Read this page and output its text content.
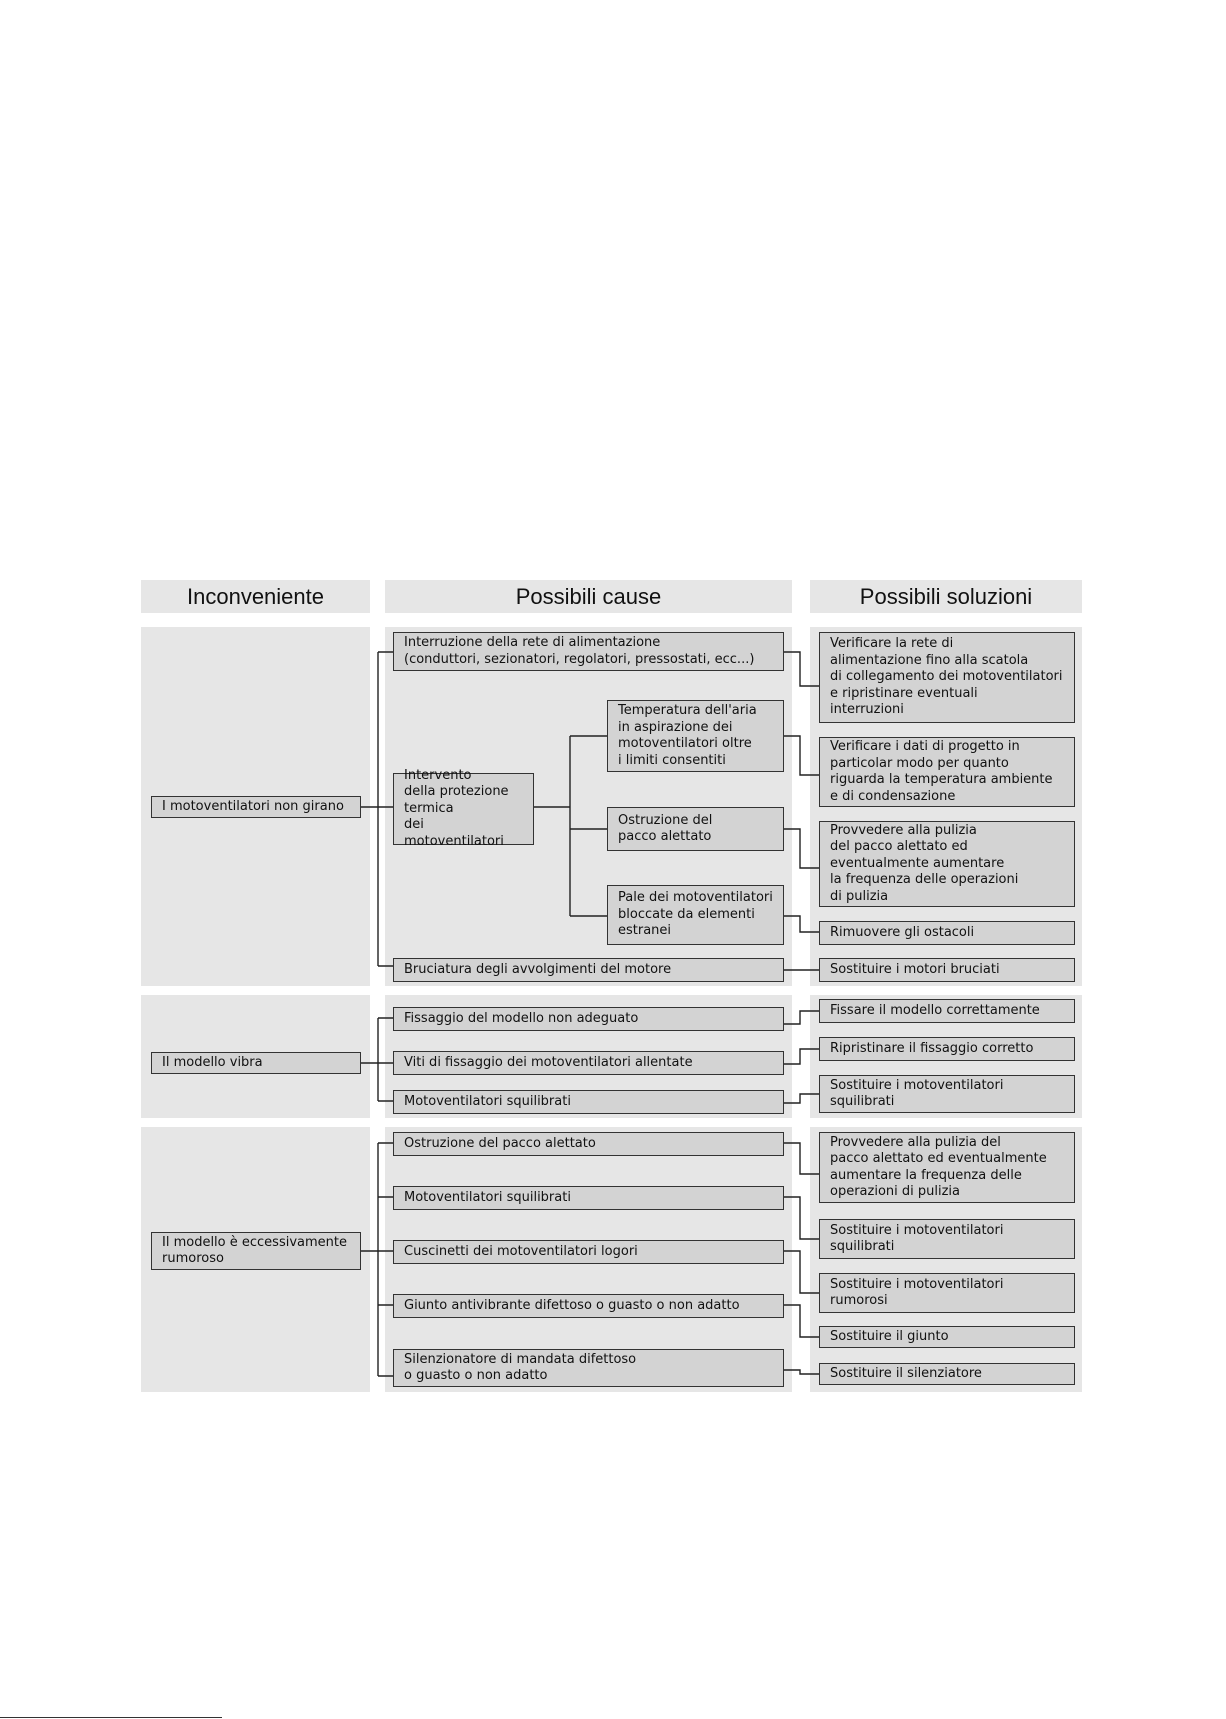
Inconveniente	Possibili cause	Possibili soluzioni
I motoventilatori non girano
Il modello vibra
Il modello è eccessivamente
rumoroso
Interruzione della rete di alimentazione
(conduttori, sezionatori, regolatori, pressostati, ecc...)
Intervento
della protezione
termica
dei motoventilatori
Temperatura dell'aria
in aspirazione dei
motoventilatori oltre
i limiti consentiti
Ostruzione del
pacco alettato
Pale dei motoventilatori
bloccate da elementi
estranei
Bruciatura degli avvolgimenti del motore
Fissaggio del modello non adeguato
Viti di fissaggio dei motoventilatori allentate
Motoventilatori squilibrati
Ostruzione del pacco alettato
Motoventilatori squilibrati
Cuscinetti dei motoventilatori logori
Giunto antivibrante difettoso o guasto o non adatto
Silenzionatore di mandata difettoso
o guasto o non adatto
Verificare la rete di
alimentazione fino alla scatola
di collegamento dei motoventilatori
e ripristinare eventuali
interruzioni
Verificare i dati di progetto in
particolar modo per quanto
riguarda la temperatura ambiente
e di condensazione
Provvedere alla pulizia
del pacco alettato ed
eventualmente aumentare
la frequenza delle operazioni
di pulizia
Rimuovere gli ostacoli
Sostituire i motori bruciati
Fissare il modello correttamente
Ripristinare il fissaggio corretto
Sostituire i motoventilatori
squilibrati
Provvedere alla pulizia del
pacco alettato ed eventualmente
aumentare la frequenza delle
operazioni di pulizia
Sostituire i motoventilatori
squilibrati
Sostituire i motoventilatori
rumorosi
Sostituire il giunto
Sostituire il silenziatore
